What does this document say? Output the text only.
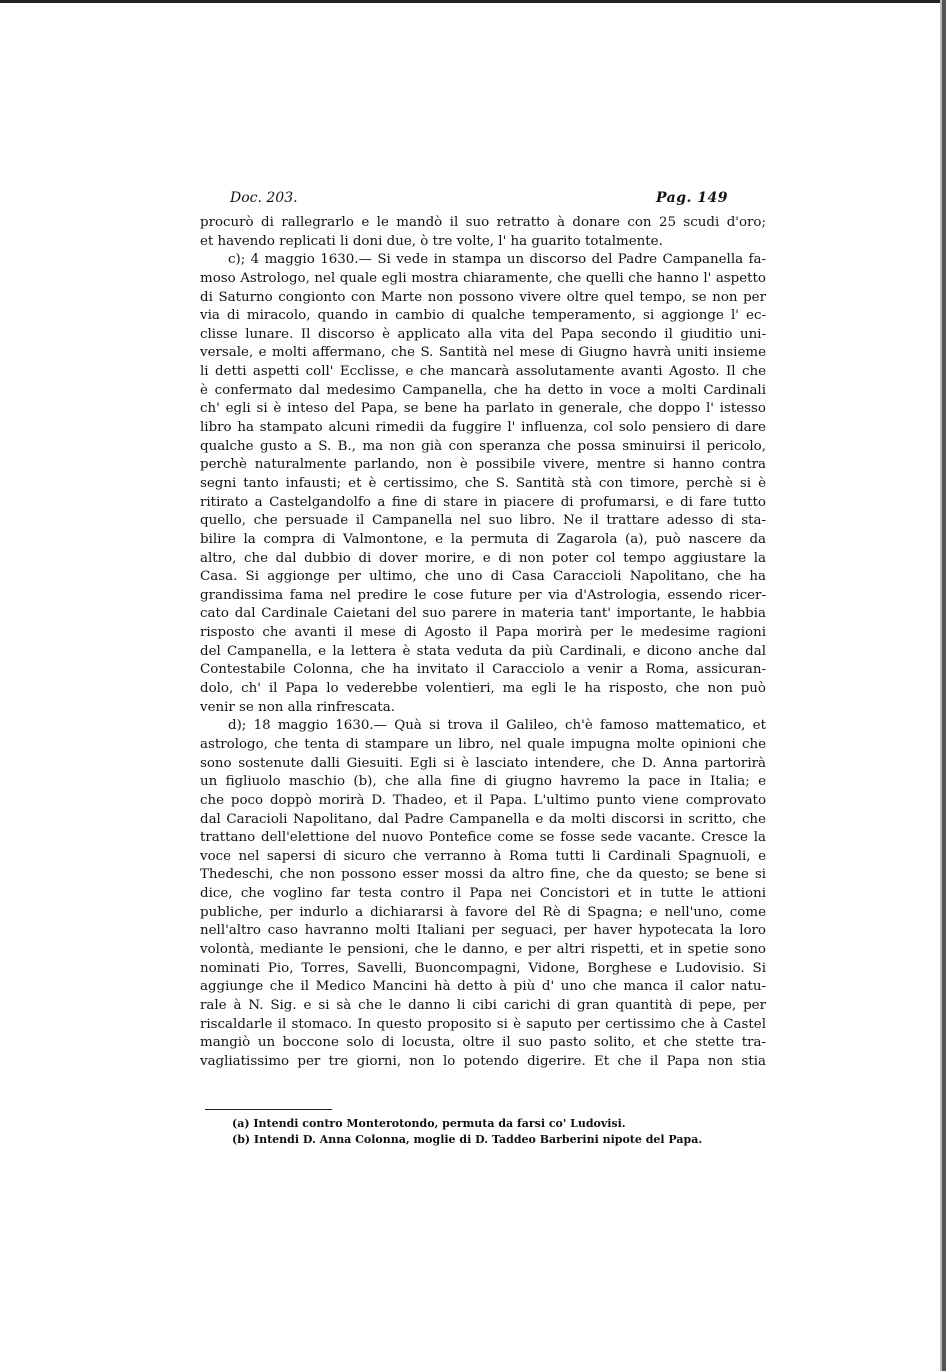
Doc. 203.	Pag. 149
procurò di rallegrarlo e le mandò il suo retratto à donare con 25 scudi d'oro;
et havendo replicati li doni due, ò tre volte, l' ha guarito totalmente.
c); 4 maggio 1630.— Si vede in stampa un discorso del Padre Campanella fa-
moso Astrologo, nel quale egli mostra chiaramente, che quelli che hanno l' aspetto
di Saturno congionto con Marte non possono vivere oltre quel tempo, se non per
via di miracolo, quando in cambio di qualche temperamento, si aggionge l' ec-
clisse lunare. Il discorso è applicato alla vita del Papa secondo il giuditio uni-
versale, e molti affermano, che S. Santità nel mese di Giugno havrà uniti insieme
li detti aspetti coll' Ecclisse, e che mancarà assolutamente avanti Agosto. Il che
è confermato dal medesimo Campanella, che ha detto in voce a molti Cardinali
ch' egli si è inteso del Papa, se bene ha parlato in generale, che doppo l' istesso
libro ha stampato alcuni rimedii da fuggire l' influenza, col solo pensiero di dare
qualche gusto a S. B., ma non già con speranza che possa sminuirsi il pericolo,
perchè naturalmente parlando, non è possibile vivere, mentre si hanno contra
segni tanto infausti; et è certissimo, che S. Santità stà con timore, perchè si è
ritirato a Castelgandolfo a fine di stare in piacere di profumarsi, e di fare tutto
quello, che persuade il Campanella nel suo libro. Ne il trattare adesso di sta-
bilire la compra di Valmontone, e la permuta di Zagarola (a), può nascere da
altro, che dal dubbio di dover morire, e di non poter col tempo aggiustare la
Casa. Si aggionge per ultimo, che uno di Casa Caraccioli Napolitano, che ha
grandissima fama nel predire le cose future per via d'Astrologia, essendo ricer-
cato dal Cardinale Caietani del suo parere in materia tant' importante, le habbia
risposto che avanti il mese di Agosto il Papa morirà per le medesime ragioni
del Campanella, e la lettera è stata veduta da più Cardinali, e dicono anche dal
Contestabile Colonna, che ha invitato il Caracciolo a venir a Roma, assicuran-
dolo, ch' il Papa lo vederebbe volentieri, ma egli le ha risposto, che non può
venir se non alla rinfrescata.
d); 18 maggio 1630.— Quà si trova il Galileo, ch'è famoso mattematico, et
astrologo, che tenta di stampare un libro, nel quale impugna molte opinioni che
sono sostenute dalli Giesuiti. Egli si è lasciato intendere, che D. Anna partorirà
un figliuolo maschio (b), che alla fine di giugno havremo la pace in Italia; e
che poco doppò morirà D. Thadeo, et il Papa. L'ultimo punto viene comprovato
dal Caracioli Napolitano, dal Padre Campanella e da molti discorsi in scritto, che
trattano dell'elettione del nuovo Pontefice come se fosse sede vacante. Cresce la
voce nel sapersi di sicuro che verranno à Roma tutti li Cardinali Spagnuoli, e
Thedeschi, che non possono esser mossi da altro fine, che da questo; se bene si
dice, che voglino far testa contro il Papa nei Concistori et in tutte le attioni
publiche, per indurlo a dichiararsi à favore del Rè di Spagna; e nell'uno, come
nell'altro caso havranno molti Italiani per seguaci, per haver hypotecata la loro
volontà, mediante le pensioni, che le danno, e per altri rispetti, et in spetie sono
nominati Pio, Torres, Savelli, Buoncompagni, Vidone, Borghese e Ludovisio. Si
aggiunge che il Medico Mancini hà detto à più d' uno che manca il calor natu-
rale à N. Sig. e si sà che le danno li cibi carichi di gran quantità di pepe, per
riscaldarle il stomaco. In questo proposito si è saputo per certissimo che à Castel
mangiò un boccone solo di locusta, oltre il suo pasto solito, et che stette tra-
vagliatissimo per tre giorni, non lo potendo digerire. Et che il Papa non stia
(a) Intendi contro Monterotondo, permuta da farsi co' Ludovisi.
(b) Intendi D. Anna Colonna, moglie di D. Taddeo Barberini nipote del Papa.
